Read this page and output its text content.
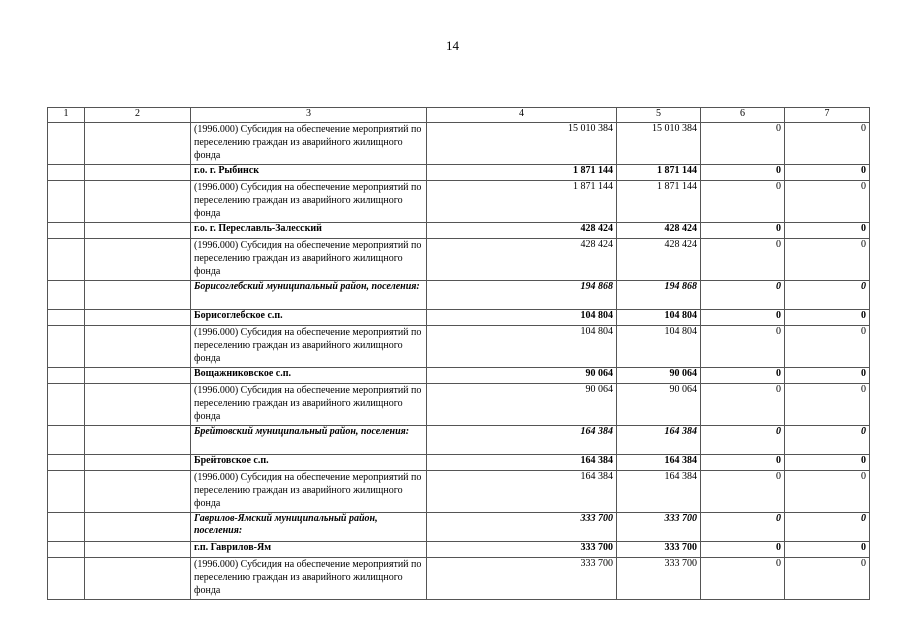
14
1	2	3	4	5	6	7
		(1996.000) Субсидия на обеспечение мероприятий по переселению граждан из аварийного жилищного фонда	15 010 384	15 010 384	0	0
		г.о. г. Рыбинск	1 871 144	1 871 144	0	0
		(1996.000) Субсидия на обеспечение мероприятий по переселению граждан из аварийного жилищного фонда	1 871 144	1 871 144	0	0
		г.о. г. Переславль-Залесский	428 424	428 424	0	0
		(1996.000) Субсидия на обеспечение мероприятий по переселению граждан из аварийного жилищного фонда	428 424	428 424	0	0
		Борисоглебский муниципальный район, поселения:	194 868	194 868	0	0
		Борисоглебское с.п.	104 804	104 804	0	0
		(1996.000) Субсидия на обеспечение мероприятий по переселению граждан из аварийного жилищного фонда	104 804	104 804	0	0
		Вощажниковское с.п.	90 064	90 064	0	0
		(1996.000) Субсидия на обеспечение мероприятий по переселению граждан из аварийного жилищного фонда	90 064	90 064	0	0
		Брейтовский муниципальный район, поселения:	164 384	164 384	0	0
		Брейтовское с.п.	164 384	164 384	0	0
		(1996.000) Субсидия на обеспечение мероприятий по переселению граждан из аварийного жилищного фонда	164 384	164 384	0	0
		Гаврилов-Ямский муниципальный район, поселения:	333 700	333 700	0	0
		г.п. Гаврилов-Ям	333 700	333 700	0	0
		(1996.000) Субсидия на обеспечение мероприятий по переселению граждан из аварийного жилищного фонда	333 700	333 700	0	0
